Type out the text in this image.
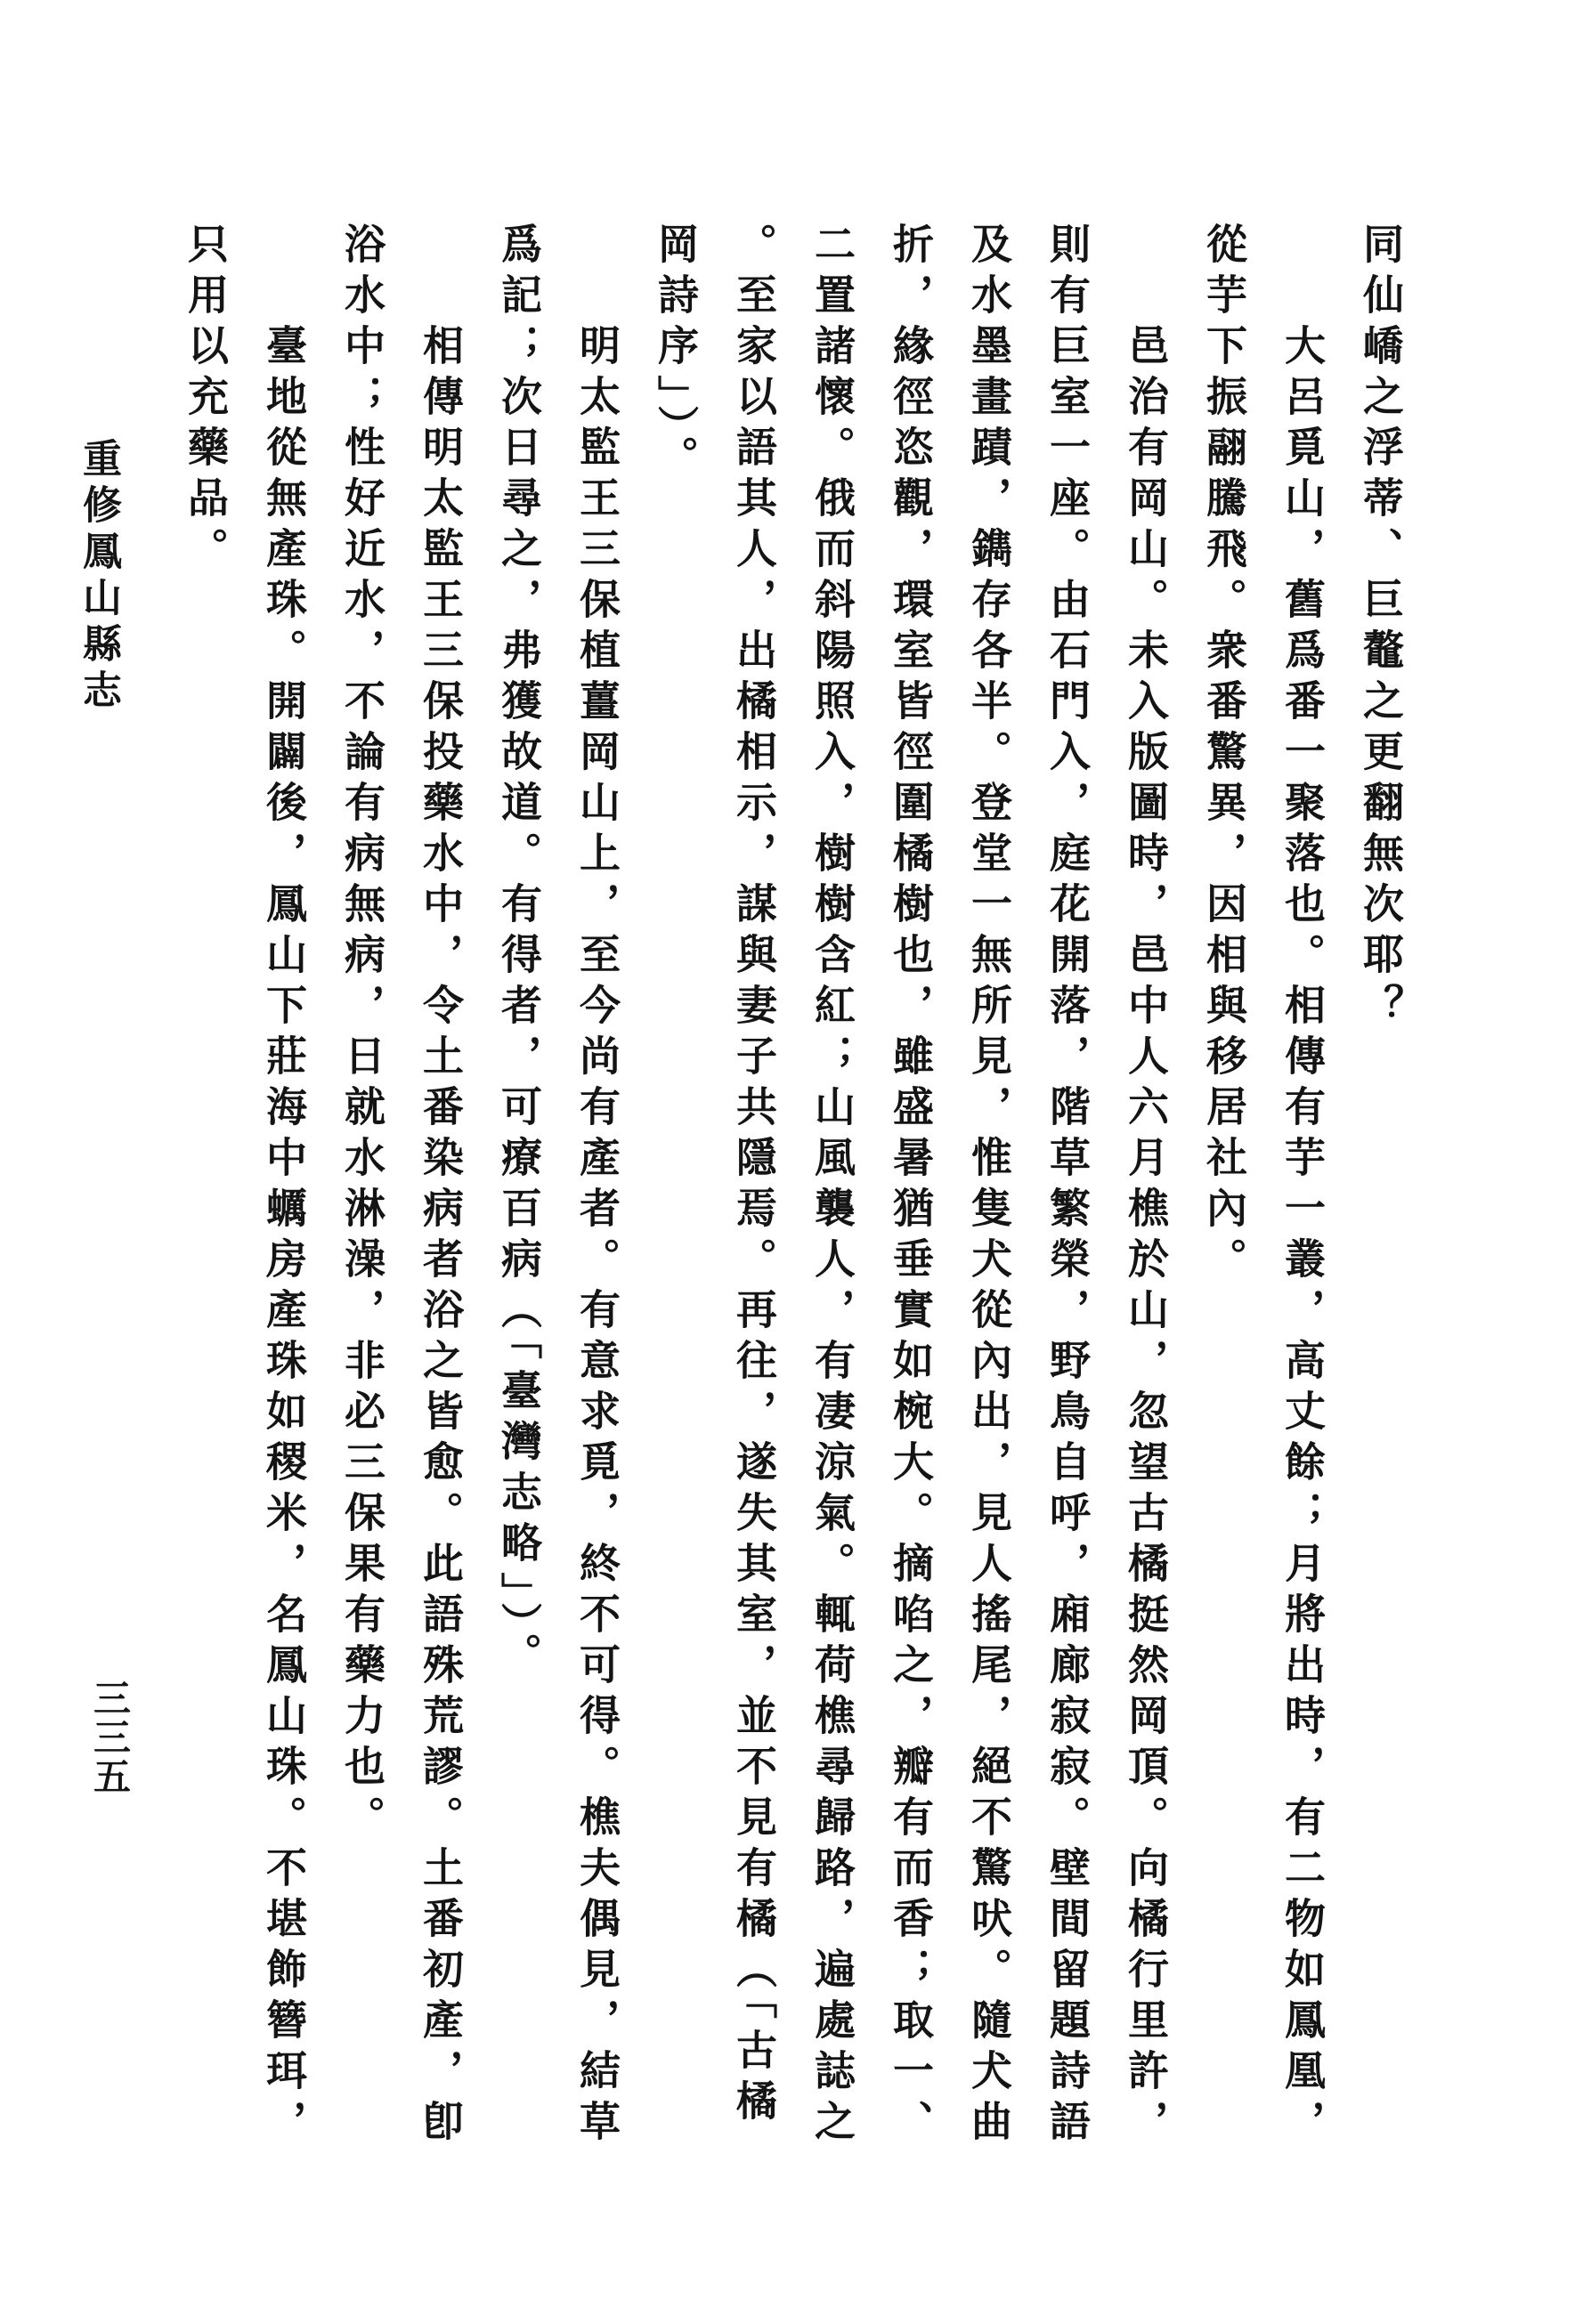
同仙嶠之浮蒂、巨鼇之更翻無次耶？
大呂覓山，舊爲番一聚落也。相傳有芋一叢，高丈餘；月將出時，有二物如鳳凰，
從芋下振翮騰飛。衆番驚異，因相與移居社內。
邑治有岡山。未入版圖時，邑中人六月樵於山，忽望古橘挺然岡頂。向橘行里許，
則有巨室一座。由石門入，庭花開落，階草繁榮，野鳥自呼，廂廊寂寂。壁間留題詩語
及水墨畫蹟，鐫存各半。登堂一無所見，惟隻犬從內出，見人搖尾，絕不驚吠。隨犬曲
折，緣徑恣觀，環室皆徑圍橘樹也，雖盛暑猶垂實如椀大。摘啗之，瓣有而香；取一、
二置諸懷。俄而斜陽照入，樹樹含紅；山風襲人，有凄涼氣。輒荷樵尋歸路，遍處誌之
。至家以語其人，出橘相示，謀與妻子共隱焉。再往，遂失其室，並不見有橘（「古橘
岡詩序」）。
明太監王三保植薑岡山上，至今尚有產者。有意求覓，終不可得。樵夫偶見，結草
爲記；次日尋之，弗獲故道。有得者，可療百病（「臺灣志略」）。
相傳明太監王三保投藥水中，令土番染病者浴之皆愈。此語殊荒謬。土番初產，卽
浴水中；性好近水，不論有病無病，日就水淋澡，非必三保果有藥力也。
臺地從無產珠。開闢後，鳳山下莊海中蠣房產珠如稷米，名鳳山珠。不堪飾簪珥，
只用以充藥品。
重修鳳山縣志
三三五
